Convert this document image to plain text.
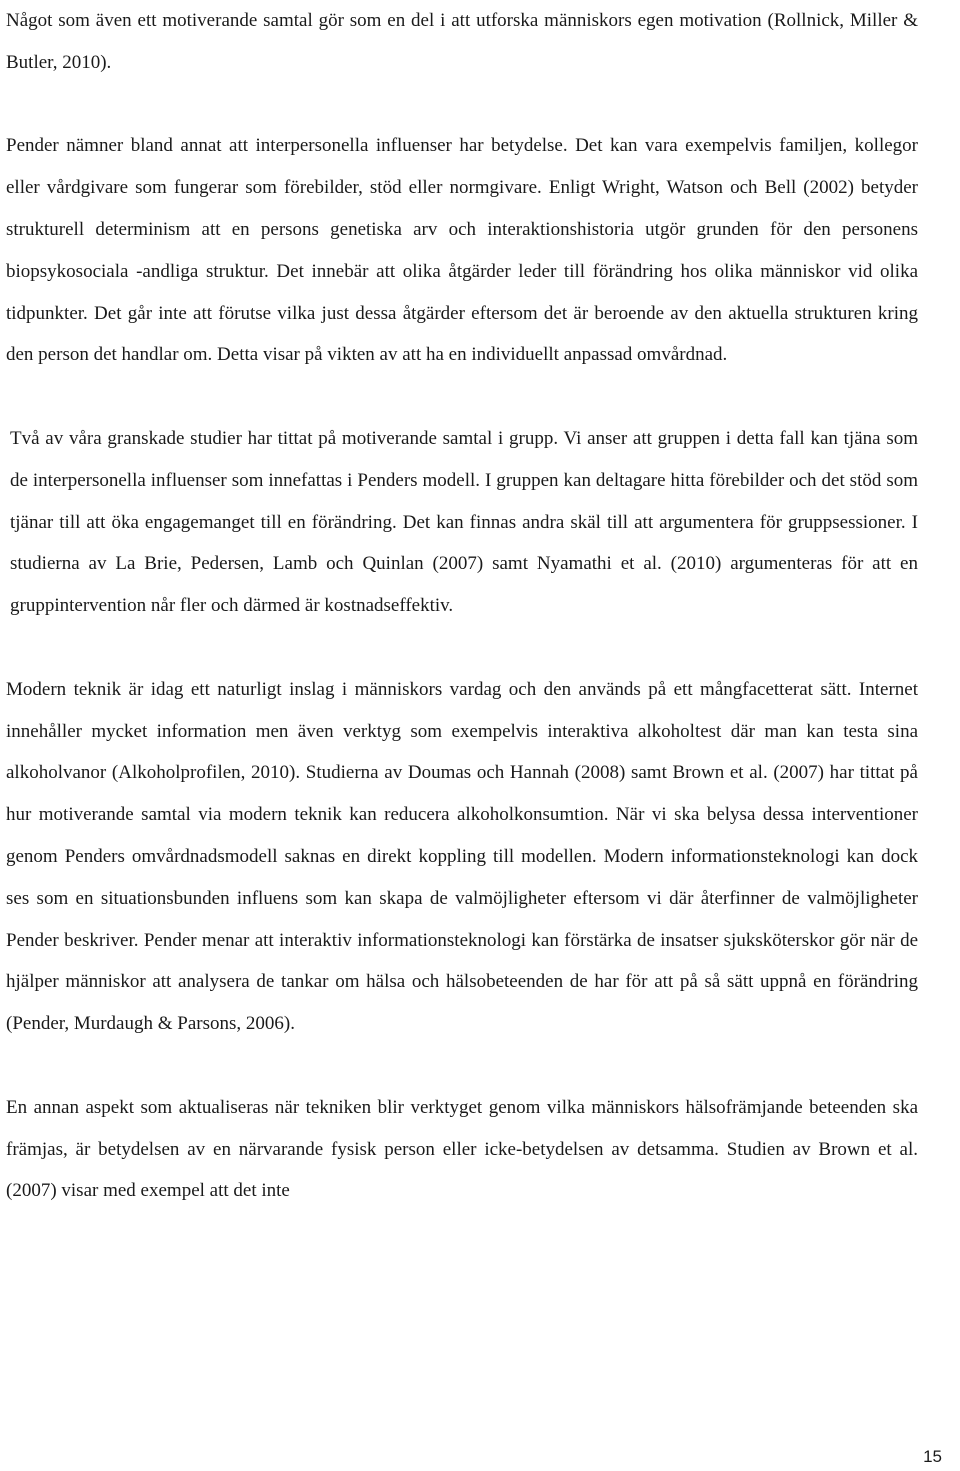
Något som även ett motiverande samtal gör som en del i att utforska människors egen motivation (Rollnick, Miller & Butler, 2010).

Pender nämner bland annat att interpersonella influenser har betydelse. Det kan vara exempelvis familjen, kollegor eller vårdgivare som fungerar som förebilder, stöd eller normgivare. Enligt Wright, Watson och Bell (2002) betyder strukturell determinism att en persons genetiska arv och interaktionshistoria utgör grunden för den personens biopsykosociala -andliga struktur. Det innebär att olika åtgärder leder till förändring hos olika människor vid olika tidpunkter. Det går inte att förutse vilka just dessa åtgärder eftersom det är beroende av den aktuella strukturen kring den person det handlar om. Detta visar på vikten av att ha en individuellt anpassad omvårdnad.

Två av våra granskade studier har tittat på motiverande samtal i grupp. Vi anser att gruppen i detta fall kan tjäna som de interpersonella influenser som innefattas i Penders modell. I gruppen kan deltagare hitta förebilder och det stöd som tjänar till att öka engagemanget till en förändring. Det kan finnas andra skäl till att argumentera för gruppsessioner. I studierna av La Brie, Pedersen, Lamb och Quinlan (2007) samt Nyamathi et al. (2010) argumenteras för att en gruppintervention når fler och därmed är kostnadseffektiv.

Modern teknik är idag ett naturligt inslag i människors vardag och den används på ett mångfacetterat sätt. Internet innehåller mycket information men även verktyg som exempelvis interaktiva alkoholtest där man kan testa sina alkoholvanor (Alkoholprofilen, 2010). Studierna av Doumas och Hannah (2008) samt Brown et al. (2007) har tittat på hur motiverande samtal via modern teknik kan reducera alkoholkonsumtion. När vi ska belysa dessa interventioner genom Penders omvårdnadsmodell saknas en direkt koppling till modellen. Modern informationsteknologi kan dock ses som en situationsbunden influens som kan skapa de valmöjligheter eftersom vi där återfinner de valmöjligheter Pender beskriver. Pender menar att interaktiv informationsteknologi kan förstärka de insatser sjuksköterskor gör när de hjälper människor att analysera de tankar om hälsa och hälsobeteenden de har för att på så sätt uppnå en förändring (Pender, Murdaugh & Parsons, 2006).

En annan aspekt som aktualiseras när tekniken blir verktyget genom vilka människors hälsofrämjande beteenden ska främjas, är betydelsen av en närvarande fysisk person eller icke-betydelsen av detsamma. Studien av Brown et al. (2007) visar med exempel att det inte

15
